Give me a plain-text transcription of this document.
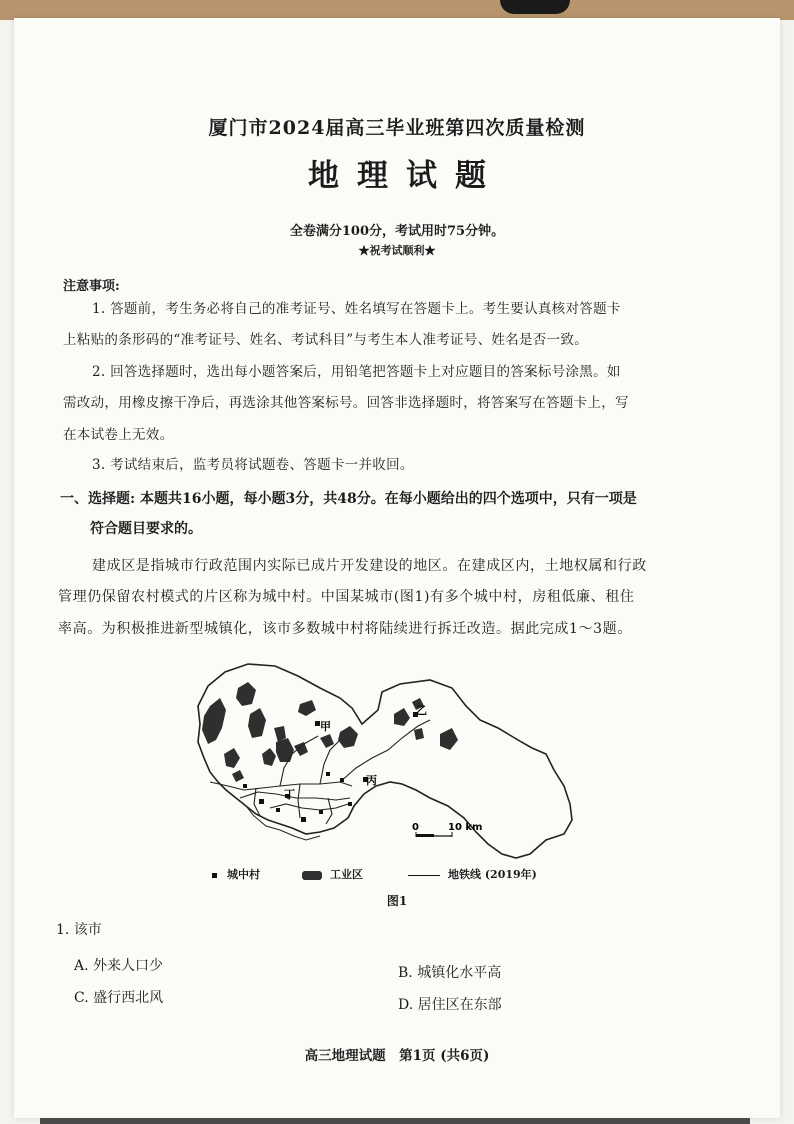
厦门市2024届高三毕业班第四次质量检测
地理试题
全卷满分100分，考试用时75分钟。
★祝考试顺利★
注意事项:
1. 答题前，考生务必将自己的准考证号、姓名填写在答题卡上。考生要认真核对答题卡
上粘贴的条形码的“准考证号、姓名、考试科目”与考生本人准考证号、姓名是否一致。
2. 回答选择题时，选出每小题答案后，用铅笔把答题卡上对应题目的答案标号涂黑。如
需改动，用橡皮擦干净后，再选涂其他答案标号。回答非选择题时，将答案写在答题卡上，写
在本试卷上无效。
3. 考试结束后，监考员将试题卷、答题卡一并收回。
一、选择题: 本题共16小题，每小题3分，共48分。在每小题给出的四个选项中，只有一项是
符合题目要求的。
建成区是指城市行政范围内实际已成片开发建设的地区。在建成区内，土地权属和行政
管理仍保留农村模式的片区称为城中村。中国某城市(图1)有多个城中村，房租低廉、租住
率高。为积极推进新型城镇化，该市多数城中村将陆续进行拆迁改造。据此完成1～3题。
甲
乙
丙
丁
0	10 km
城中村	工业区	地铁线 (2019年)
图1
1. 该市
A. 外来人口少	B. 城镇化水平高
C. 盛行西北风	D. 居住区在东部
高三地理试题　第1页 (共6页)
